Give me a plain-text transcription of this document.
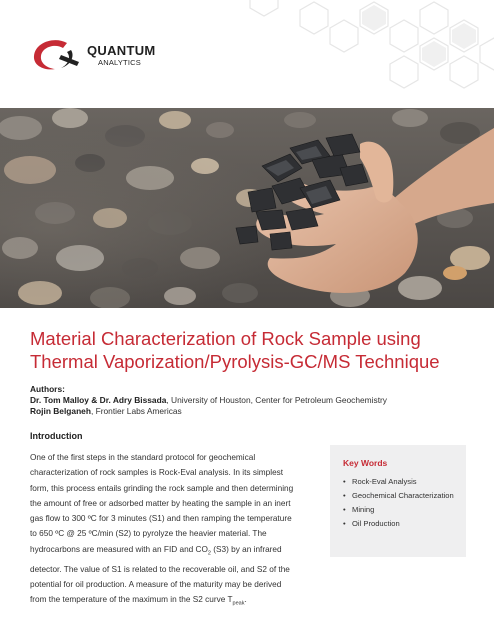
QUANTUM
ANALYTICS
Material Characterization of Rock Sample using
Thermal Vaporization/Pyrolysis-GC/MS Technique
Authors:
Dr. Tom Malloy & Dr. Adry Bissada, University of Houston, Center for Petroleum Geochemistry
Rojin Belganeh, Frontier Labs Americas
Introduction
One of the first steps in the standard protocol for geochemical
characterization of rock samples is Rock-Eval analysis. In its simplest
form, this process entails grinding the rock sample and then determining
the amount of free or adsorbed matter by heating the sample in an inert
gas flow to 300 ºC for 3 minutes (S1) and then ramping the temperature
to 650 ºC @ 25 ºC/min (S2) to pyrolyze the heavier material. The
hydrocarbons are measured with an FID and $CO_2$ (S3) by an infrared
detector. The value of S1 is related to the recoverable oil, and S2 of the
potential for oil production. A measure of the maturity may be derived
from the temperature of the maximum in the S2 curve $T_{peak}$.
Key Words
• Rock-Eval Analysis
• Geochemical Characterization
• Mining
• Oil Production
